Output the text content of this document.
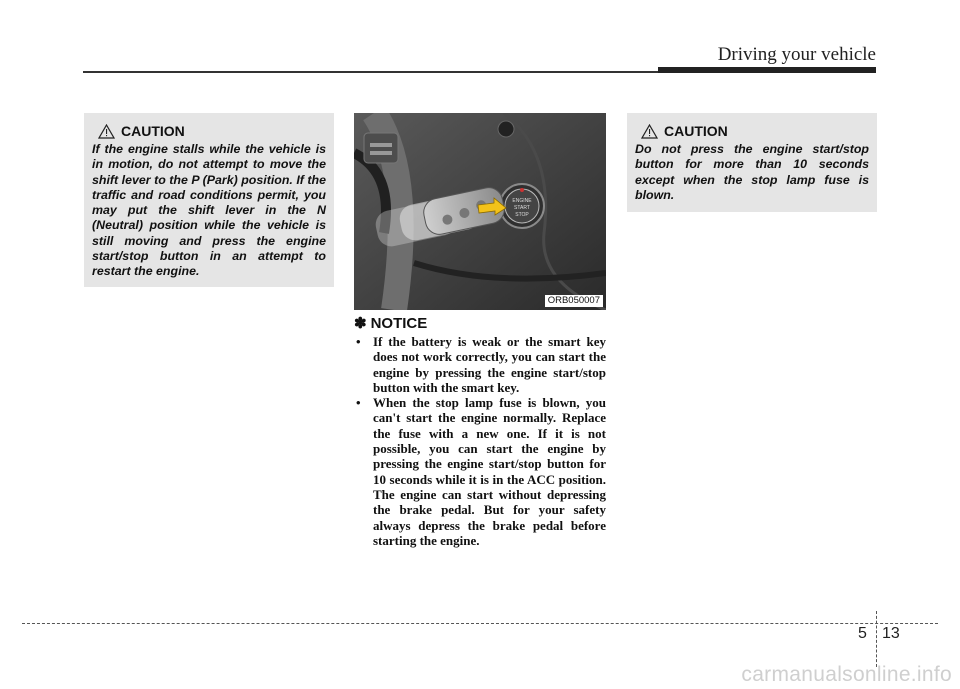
Driving your vehicle
CAUTION
If the engine stalls while the vehicle is in motion, do not attempt to move the shift lever to the P (Park) position. If the traffic and road conditions permit, you may put the shift lever in the N (Neutral) position while the vehicle is still moving and press the engine start/stop button in an attempt to restart the engine.
ENGINE
START
STOP
ORB050007
✽ NOTICE
• If the battery is weak or the smart key does not work correctly, you can start the engine by pressing the engine start/stop button with the smart key.
• When the stop lamp fuse is blown, you can't start the engine normally. Replace the fuse with a new one. If it is not possible, you can start the engine by pressing the engine start/stop button for 10 seconds while it is in the ACC position. The engine can start without depressing the brake pedal. But for your safety always depress the brake pedal before starting the engine.
CAUTION
Do not press the engine start/stop button for more than 10 seconds except when the stop lamp fuse is blown.
5 13
carmanualsonline.info
